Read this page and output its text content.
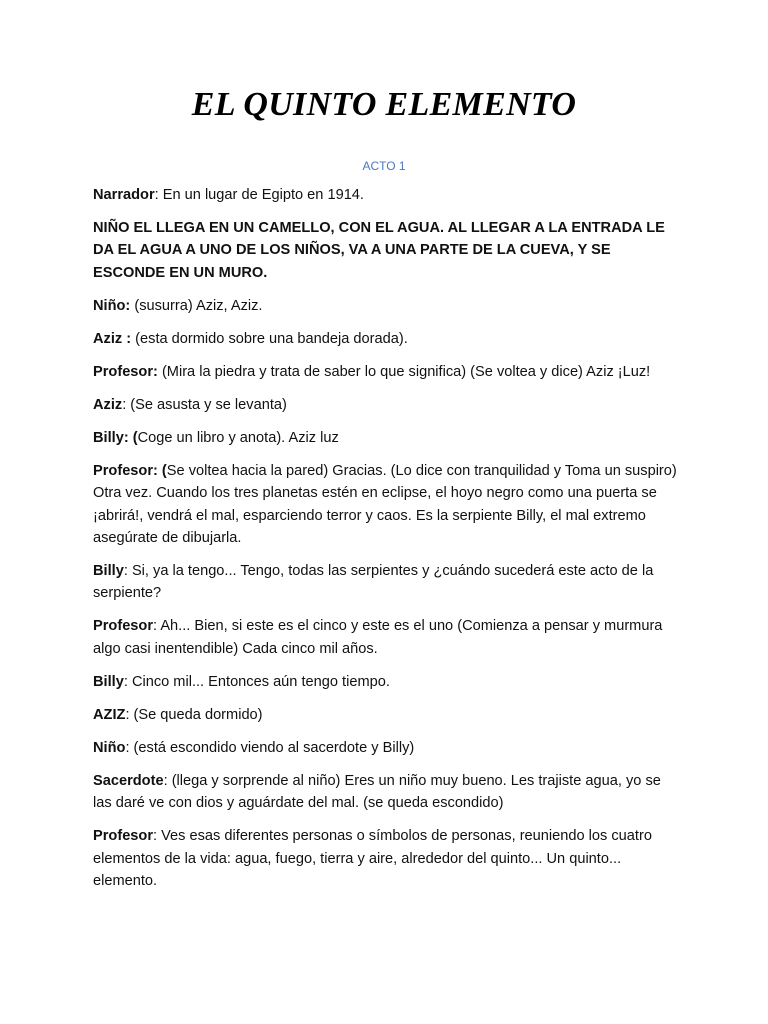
EL QUINTO ELEMENTO

ACTO 1

Narrador: En un lugar de Egipto en 1914.

NIÑO EL LLEGA EN UN CAMELLO, CON EL AGUA. AL LLEGAR A LA ENTRADA LE DA EL AGUA A UNO DE LOS NIÑOS, VA A UNA PARTE DE LA CUEVA, Y SE ESCONDE EN UN MURO.

Niño: (susurra) Aziz, Aziz.

Aziz : (esta dormido sobre una bandeja dorada).

Profesor: (Mira la piedra y trata de saber lo que significa) (Se voltea y dice) Aziz ¡Luz!

Aziz: (Se asusta y se levanta)

Billy: (Coge un libro y anota). Aziz luz

Profesor: (Se voltea hacia la pared) Gracias. (Lo dice con tranquilidad y Toma un suspiro) Otra vez. Cuando los tres planetas estén en eclipse, el hoyo negro como una puerta se ¡abrirá!, vendrá el mal, esparciendo terror y caos. Es la serpiente Billy, el mal extremo asegúrate de dibujarla.

Billy: Si, ya la tengo... Tengo, todas las serpientes y ¿cuándo sucederá este acto de la serpiente?

Profesor: Ah... Bien, si este es el cinco y este es el uno (Comienza a pensar y murmura algo casi inentendible) Cada cinco mil años.

Billy: Cinco mil... Entonces aún tengo tiempo.

AZIZ: (Se queda dormido)

Niño: (está escondido viendo al sacerdote y Billy)

Sacerdote: (llega y sorprende al niño) Eres un niño muy bueno. Les trajiste agua, yo se las daré ve con dios y aguárdate del mal. (se queda escondido)

Profesor: Ves esas diferentes personas o símbolos de personas, reuniendo los cuatro elementos de la vida: agua, fuego, tierra y aire, alrededor del quinto... Un quinto... elemento.
